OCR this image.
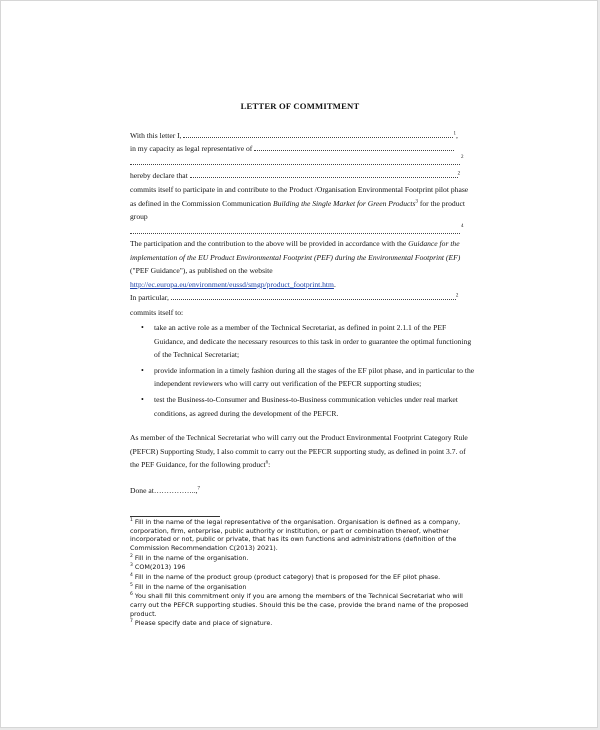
LETTER OF COMMITMENT
With this letter I,	$^1$,
in my capacity as legal representative of
2
hereby declare that	$^2$
commits itself to participate in and contribute to the Product /Organisation Environmental Footprint pilot phase as defined in the Commission Communication Building the Single Market for Green Products$^3$ for the product group
4
The participation and the contribution to the above will be provided in accordance with the Guidance for the implementation of the EU Product Environmental Footprint (PEF) during the Environmental Footprint (EF) ("PEF Guidance"), as published on the website
http://ec.europa.eu/environment/eussd/smgp/product_footprint.htm.
In particular,	$^2$
commits itself to:
• take an active role as a member of the Technical Secretariat, as defined in point 2.1.1 of the PEF Guidance, and dedicate the necessary resources to this task in order to guarantee the optimal functioning of the Technical Secretariat;
• provide information in a timely fashion during all the stages of the EF pilot phase, and in particular to the independent reviewers who will carry out verification of the PEFCR supporting studies;
• test the Business-to-Consumer and Business-to-Business communication vehicles under real market conditions, as agreed during the development of the PEFCR.
As member of the Technical Secretariat who will carry out the Product Environmental Footprint Category Rule (PEFCR) Supporting Study, I also commit to carry out the PEFCR supporting study, as defined in point 3.7. of the PEF Guidance, for the following product$^6$:
Done at……………..,$^7$
$^1$ Fill in the name of the legal representative of the organisation. Organisation is defined as a company, corporation, firm, enterprise, public authority or institution, or part or combination thereof, whether incorporated or not, public or private, that has its own functions and administrations (definition of the Commission Recommendation C(2013) 2021).
$^2$ Fill in the name of the organisation.
$^3$ COM(2013) 196
$^4$ Fill in the name of the product group (product category) that is proposed for the EF pilot phase.
$^5$ Fill in the name of the organisation
$^6$ You shall fill this commitment only if you are among the members of the Technical Secretariat who will carry out the PEFCR supporting studies. Should this be the case, provide the brand name of the proposed product.
$^7$ Please specify date and place of signature.
